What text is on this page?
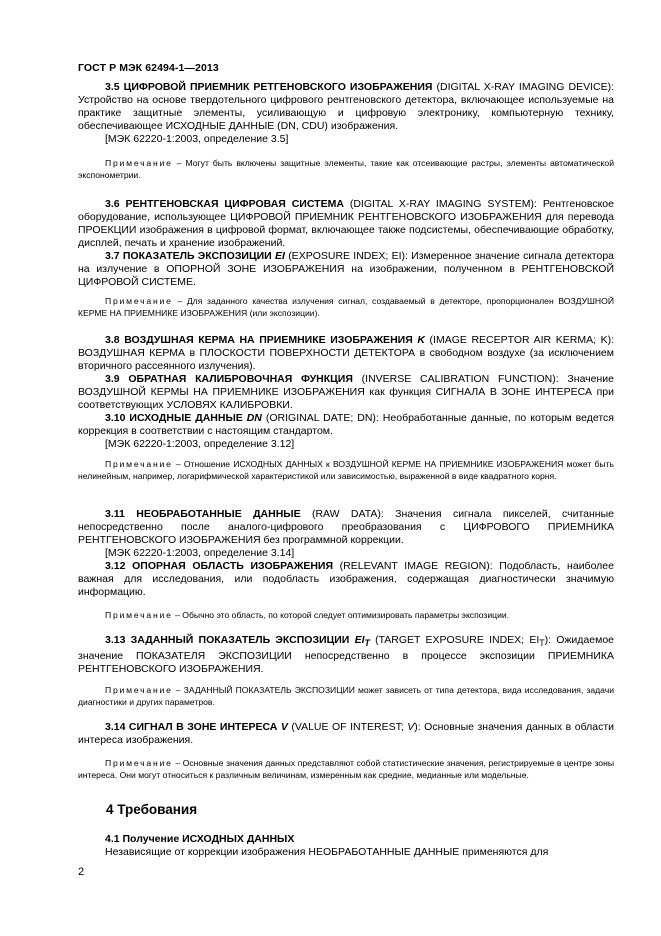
ГОСТ Р МЭК 62494-1—2013
3.5 ЦИФРОВОЙ ПРИЕМНИК РЕТГЕНОВСКОГО ИЗОБРАЖЕНИЯ (DIGITAL X-RAY IMAGING DEVICE): Устройство на основе твердотельного цифрового рентгеновского детектора, включающее используемые на практике защитные элементы, усиливающую и цифровую электронику, компьютерную технику, обеспечивающее ИСХОДНЫЕ ДАННЫЕ (DN, CDU) изображения.
[МЭК 62220-1:2003, определение 3.5]
Примечание – Могут быть включены защитные элементы, такие как отсеивающие растры, элементы автоматической экспонометрии.
3.6 РЕНТГЕНОВСКАЯ ЦИФРОВАЯ СИСТЕМА (DIGITAL X-RAY IMAGING SYSTEM): Рентгеновское оборудование, использующее ЦИФРОВОЙ ПРИЕМНИК РЕНТГЕНОВСКОГО ИЗОБРАЖЕНИЯ для перевода ПРОЕКЦИИ изображения в цифровой формат, включающее также подсистемы, обеспечивающие обработку, дисплей, печать и хранение изображений.
3.7 ПОКАЗАТЕЛЬ ЭКСПОЗИЦИИ EI (EXPOSURE INDEX; EI): Измеренное значение сигнала детектора на излучение в ОПОРНОЙ ЗОНЕ ИЗОБРАЖЕНИЯ на изображении, полученном в РЕНТГЕНОВСКОЙ ЦИФРОВОЙ СИСТЕМЕ.
Примечание – Для заданного качества излучения сигнал, создаваемый в детекторе, пропорционален ВОЗДУШНОЙ КЕРМЕ НА ПРИЕМНИКЕ ИЗОБРАЖЕНИЯ (или экспозиции).
3.8 ВОЗДУШНАЯ КЕРМА НА ПРИЕМНИКЕ ИЗОБРАЖЕНИЯ K (IMAGE RECEPTOR AIR KERMA; K): ВОЗДУШНАЯ КЕРМА в ПЛОСКОСТИ ПОВЕРХНОСТИ ДЕТЕКТОРА в свободном воздухе (за исключением вторичного рассеянного излучения).
3.9 ОБРАТНАЯ КАЛИБРОВОЧНАЯ ФУНКЦИЯ (INVERSE CALIBRATION FUNCTION): Значение ВОЗДУШНОЙ КЕРМЫ НА ПРИЕМНИКЕ ИЗОБРАЖЕНИЯ как функция СИГНАЛА В ЗОНЕ ИНТЕРЕСА при соответствующих УСЛОВЯХ КАЛИБРОВКИ.
3.10 ИСХОДНЫЕ ДАННЫЕ DN (ORIGINAL DATE; DN): Необработанные данные, по которым ведется коррекция в соответствии с настоящим стандартом.
[МЭК 62220-1:2003, определение 3.12]
Примечание – Отношение ИСХОДНЫХ ДАННЫХ к ВОЗДУШНОЙ КЕРМЕ НА ПРИЕМНИКЕ ИЗОБРАЖЕНИЯ может быть нелинейным, например, логарифмической характеристикой или зависимостью, выраженной в виде квадратного корня.
3.11 НЕОБРАБОТАННЫЕ ДАННЫЕ (RAW DATA): Значения сигнала пикселей, считанные непосредственно после аналого-цифрового преобразования с ЦИФРОВОГО ПРИЕМНИКА РЕНТГЕНОВСКОГО ИЗОБРАЖЕНИЯ без программной коррекции.
[МЭК 62220-1:2003, определение 3.14]
3.12 ОПОРНАЯ ОБЛАСТЬ ИЗОБРАЖЕНИЯ (RELEVANT IMAGE REGION): Подобласть, наиболее важная для исследования, или подобласть изображения, содержащая диагностически значимую информацию.
Примечание – Обычно это область, по которой следует оптимизировать параметры экспозиции.
3.13 ЗАДАННЫЙ ПОКАЗАТЕЛЬ ЭКСПОЗИЦИИ $EI_T$ (TARGET EXPOSURE INDEX; $EI_T$): Ожидаемое значение ПОКАЗАТЕЛЯ ЭКСПОЗИЦИИ непосредственно в процессе экспозиции ПРИЕМНИКА РЕНТГЕНОВСКОГО ИЗОБРАЖЕНИЯ.
Примечание – ЗАДАННЫЙ ПОКАЗАТЕЛЬ ЭКСПОЗИЦИИ может зависеть от типа детектора, вида исследования, задачи диагностики и других параметров.
3.14 СИГНАЛ В ЗОНЕ ИНТЕРЕСА V (VALUE OF INTEREST; V): Основные значения данных в области интереса изображения.
Примечание – Основные значения данных представляют собой статистические значения, регистрируемые в центре зоны интереса. Они могут относиться к различным величинам, измеренным как средние, медианные или модельные.
4 Требования
4.1 Получение ИСХОДНЫХ ДАННЫХ
Независящие от коррекции изображения НЕОБРАБОТАННЫЕ ДАННЫЕ применяются для
2
